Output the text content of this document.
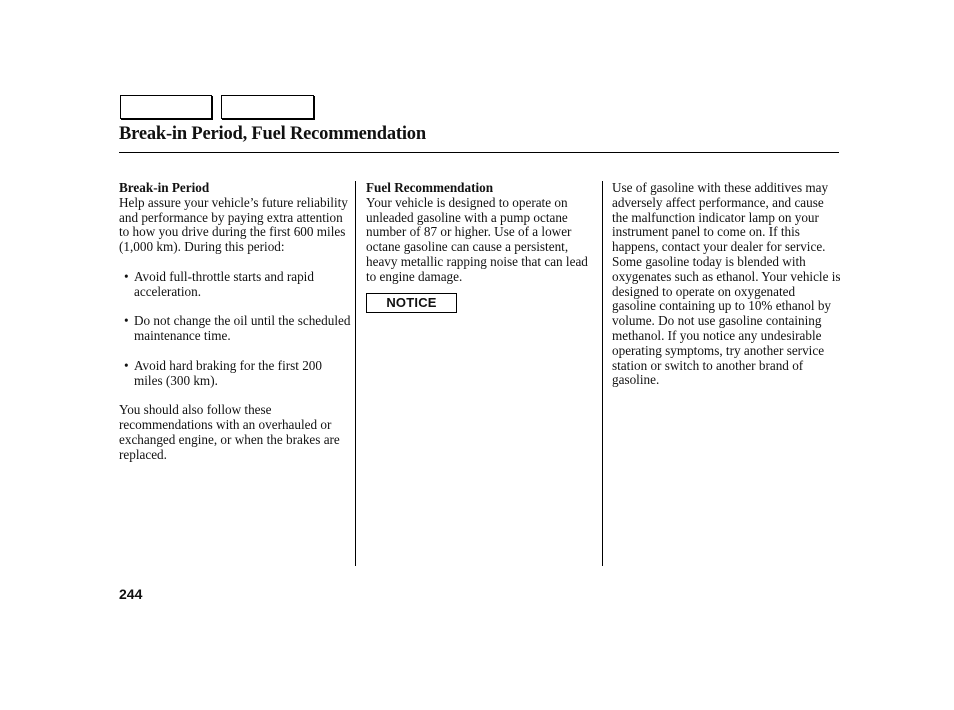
Break-in Period, Fuel Recommendation
Break-in Period

Help assure your vehicle’s future reliability and performance by paying extra attention to how you drive during the first 600 miles (1,000 km). During this period:

• Avoid full-throttle starts and rapid acceleration.
• Do not change the oil until the scheduled maintenance time.
• Avoid hard braking for the first 200 miles (300 km).

You should also follow these recommendations with an overhauled or exchanged engine, or when the brakes are replaced.

Fuel Recommendation

Your vehicle is designed to operate on unleaded gasoline with a pump octane number of 87 or higher. Use of a lower octane gasoline can cause a persistent, heavy metallic rapping noise that can lead to engine damage.

NOTICE

Use of gasoline with these additives may adversely affect performance, and cause the malfunction indicator lamp on your instrument panel to come on. If this happens, contact your dealer for service. Some gasoline today is blended with oxygenates such as ethanol. Your vehicle is designed to operate on oxygenated gasoline containing up to 10% ethanol by volume. Do not use gasoline containing methanol. If you notice any undesirable operating symptoms, try another service station or switch to another brand of gasoline.

244
